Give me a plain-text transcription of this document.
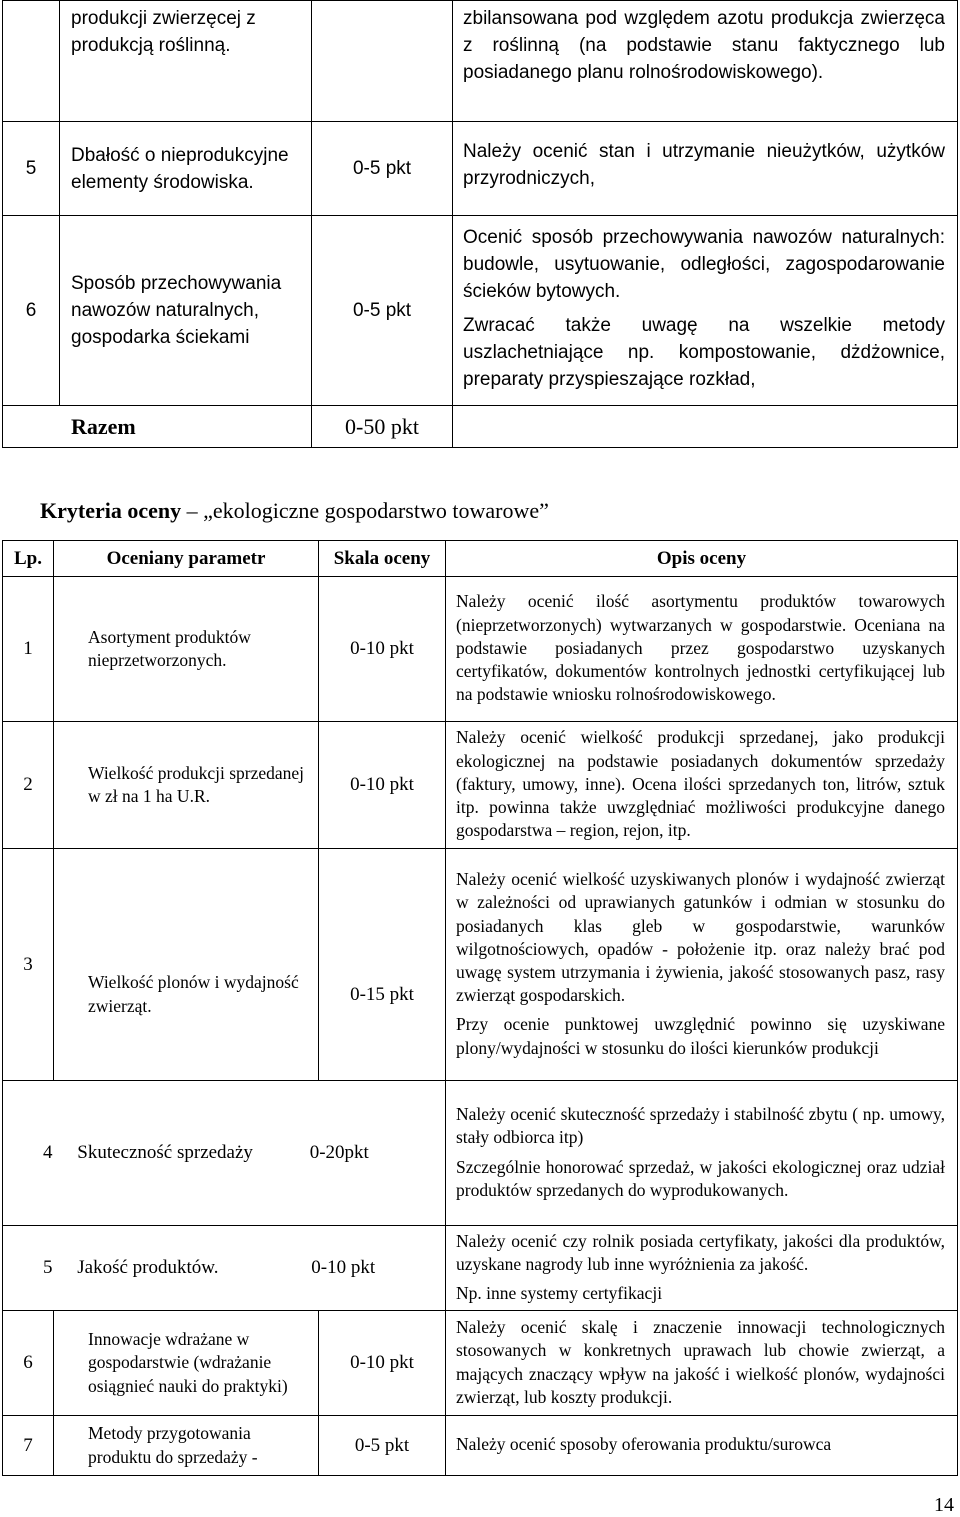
	produkcji zwierzęcej z produkcją roślinną.		zbilansowana pod względem azotu produkcja zwierzęca z roślinną (na podstawie stanu faktycznego lub posiadanego planu rolnośrodowiskowego).

5	Dbałość o nieprodukcyjne elementy środowiska.	0-5 pkt	Należy ocenić stan i utrzymanie nieużytków, użytków przyrodniczych,

6	Sposób przechowywania nawozów naturalnych, gospodarka ściekami	0-5 pkt	Ocenić sposób przechowywania nawozów naturalnych: budowle, usytuowanie, odległości, zagospodarowanie ścieków bytowych.

Zwracać także uwagę na wszelkie metody uszlachetniające np. kompostowanie, dżdżownice, preparaty przyspieszające rozkład,

Razem		0-50 pkt	
Kryteria oceny – „ekologiczne gospodarstwo towarowe”
Lp.	Oceniany parametr	Skala oceny	Opis oceny
1	Asortyment produktów nieprzetworzonych.	0-10 pkt	Należy ocenić ilość asortymentu produktów towarowych (nieprzetworzonych) wytwarzanych w gospodarstwie. Oceniana na podstawie posiadanych przez gospodarstwo uzyskanych certyfikatów, dokumentów kontrolnych jednostki certyfikującej lub na podstawie wniosku rolnośrodowiskowego.

2	Wielkość produkcji sprzedanej w zł na 1 ha U.R.	0-10 pkt	Należy ocenić wielkość produkcji sprzedanej, jako produkcji ekologicznej na podstawie posiadanych dokumentów sprzedaży (faktury, umowy, inne). Ocena ilości sprzedanych ton, litrów, sztuk itp. powinna także uwzględniać możliwości produkcyjne danego gospodarstwa – region, rejon, itp.

3	Wielkość plonów i wydajność zwierząt.	0-15 pkt	Należy ocenić wielkość uzyskiwanych plonów i wydajność zwierząt w zależności od uprawianych gatunków i odmian w stosunku do posiadanych klas gleb w gospodarstwie, warunków wilgotnościowych, opadów - położenie itp. oraz należy brać pod uwagę system utrzymania i żywienia, jakość stosowanych pasz, rasy zwierząt gospodarskich.

Przy ocenie punktowej uwzględnić powinno się uzyskiwane plony/wydajności w stosunku do ilości kierunków produkcji

4 Skuteczność sprzedaży 0-20pkt			Należy ocenić skuteczność sprzedaży i stabilność zbytu ( np. umowy, stały odbiorca itp)

Szczególnie honorować sprzedaż, w jakości ekologicznej oraz udział produktów sprzedanych do wyprodukowanych.

5 Jakość produktów. 0-10 pkt			Należy ocenić czy rolnik posiada certyfikaty, jakości dla produktów, uzyskane nagrody lub inne wyróżnienia za jakość.

Np. inne systemy certyfikacji

6	Innowacje wdrażane w gospodarstwie (wdrażanie osiągnieć nauki do praktyki)	0-10 pkt	Należy ocenić skalę i znaczenie innowacji technologicznych stosowanych w konkretnych uprawach lub chowie zwierząt, a mających znaczący wpływ na jakość i wielkość plonów, wydajności zwierząt, lub koszty produkcji.

7	Metody przygotowania produktu do sprzedaży -	0-5 pkt	Należy ocenić sposoby oferowania produktu/surowca

14
